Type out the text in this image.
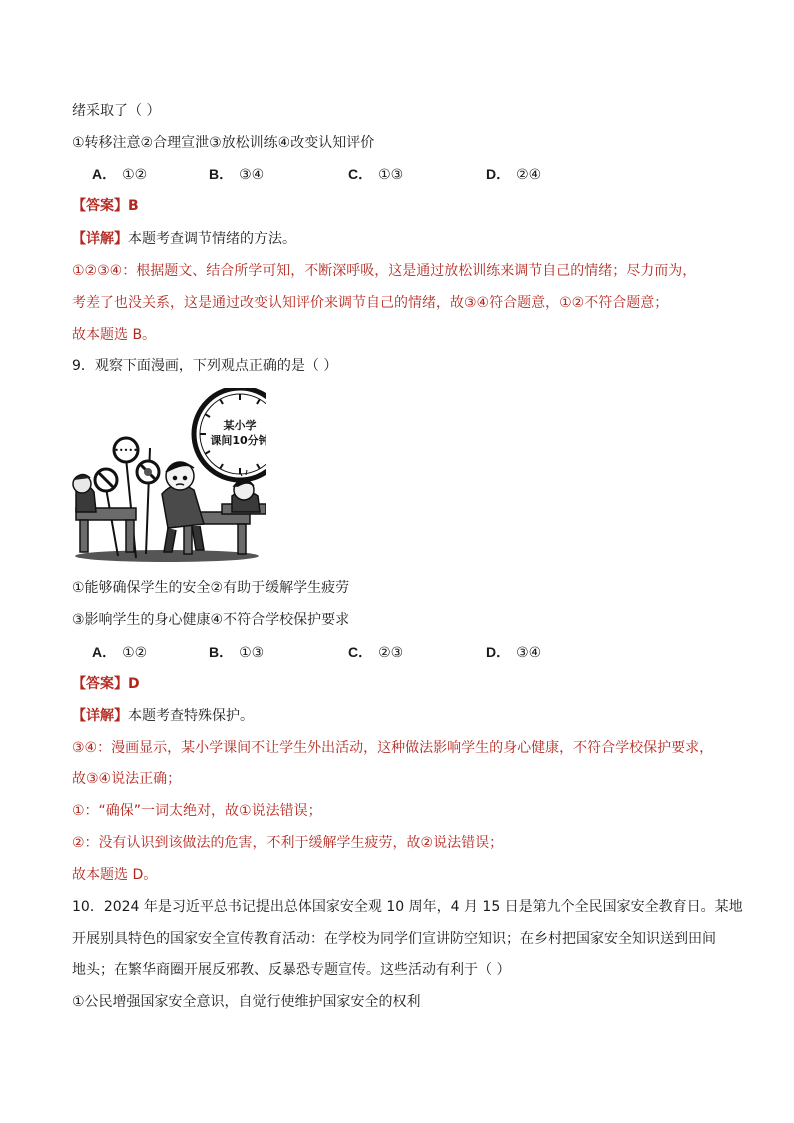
绪采取了（ ）
①转移注意②合理宣泄③放松训练④改变认知评价
A． ①②	B． ③④	C． ①③	D． ②④
【答案】B
【详解】本题考查调节情绪的方法。
①②③④：根据题文、结合所学可知，不断深呼吸，这是通过放松训练来调节自己的情绪；尽力而为，
考差了也没关系，这是通过改变认知评价来调节自己的情绪，故③④符合题意，①②不符合题意；
故本题选 B。
9．观察下面漫画，下列观点正确的是（ ）
某小学
课间10分钟
•••••
①能够确保学生的安全②有助于缓解学生疲劳
③影响学生的身心健康④不符合学校保护要求
A． ①②	B． ①③	C． ②③	D． ③④
【答案】D
【详解】本题考查特殊保护。
③④：漫画显示，某小学课间不让学生外出活动，这种做法影响学生的身心健康，不符合学校保护要求，
故③④说法正确；
①：“确保”一词太绝对，故①说法错误；
②：没有认识到该做法的危害，不利于缓解学生疲劳，故②说法错误；
故本题选 D。
10．2024 年是习近平总书记提出总体国家安全观 10 周年，4 月 15 日是第九个全民国家安全教育日。某地
开展别具特色的国家安全宣传教育活动：在学校为同学们宣讲防空知识；在乡村把国家安全知识送到田间
地头；在繁华商圈开展反邪教、反暴恐专题宣传。这些活动有利于（ ）
①公民增强国家安全意识，自觉行使维护国家安全的权利
